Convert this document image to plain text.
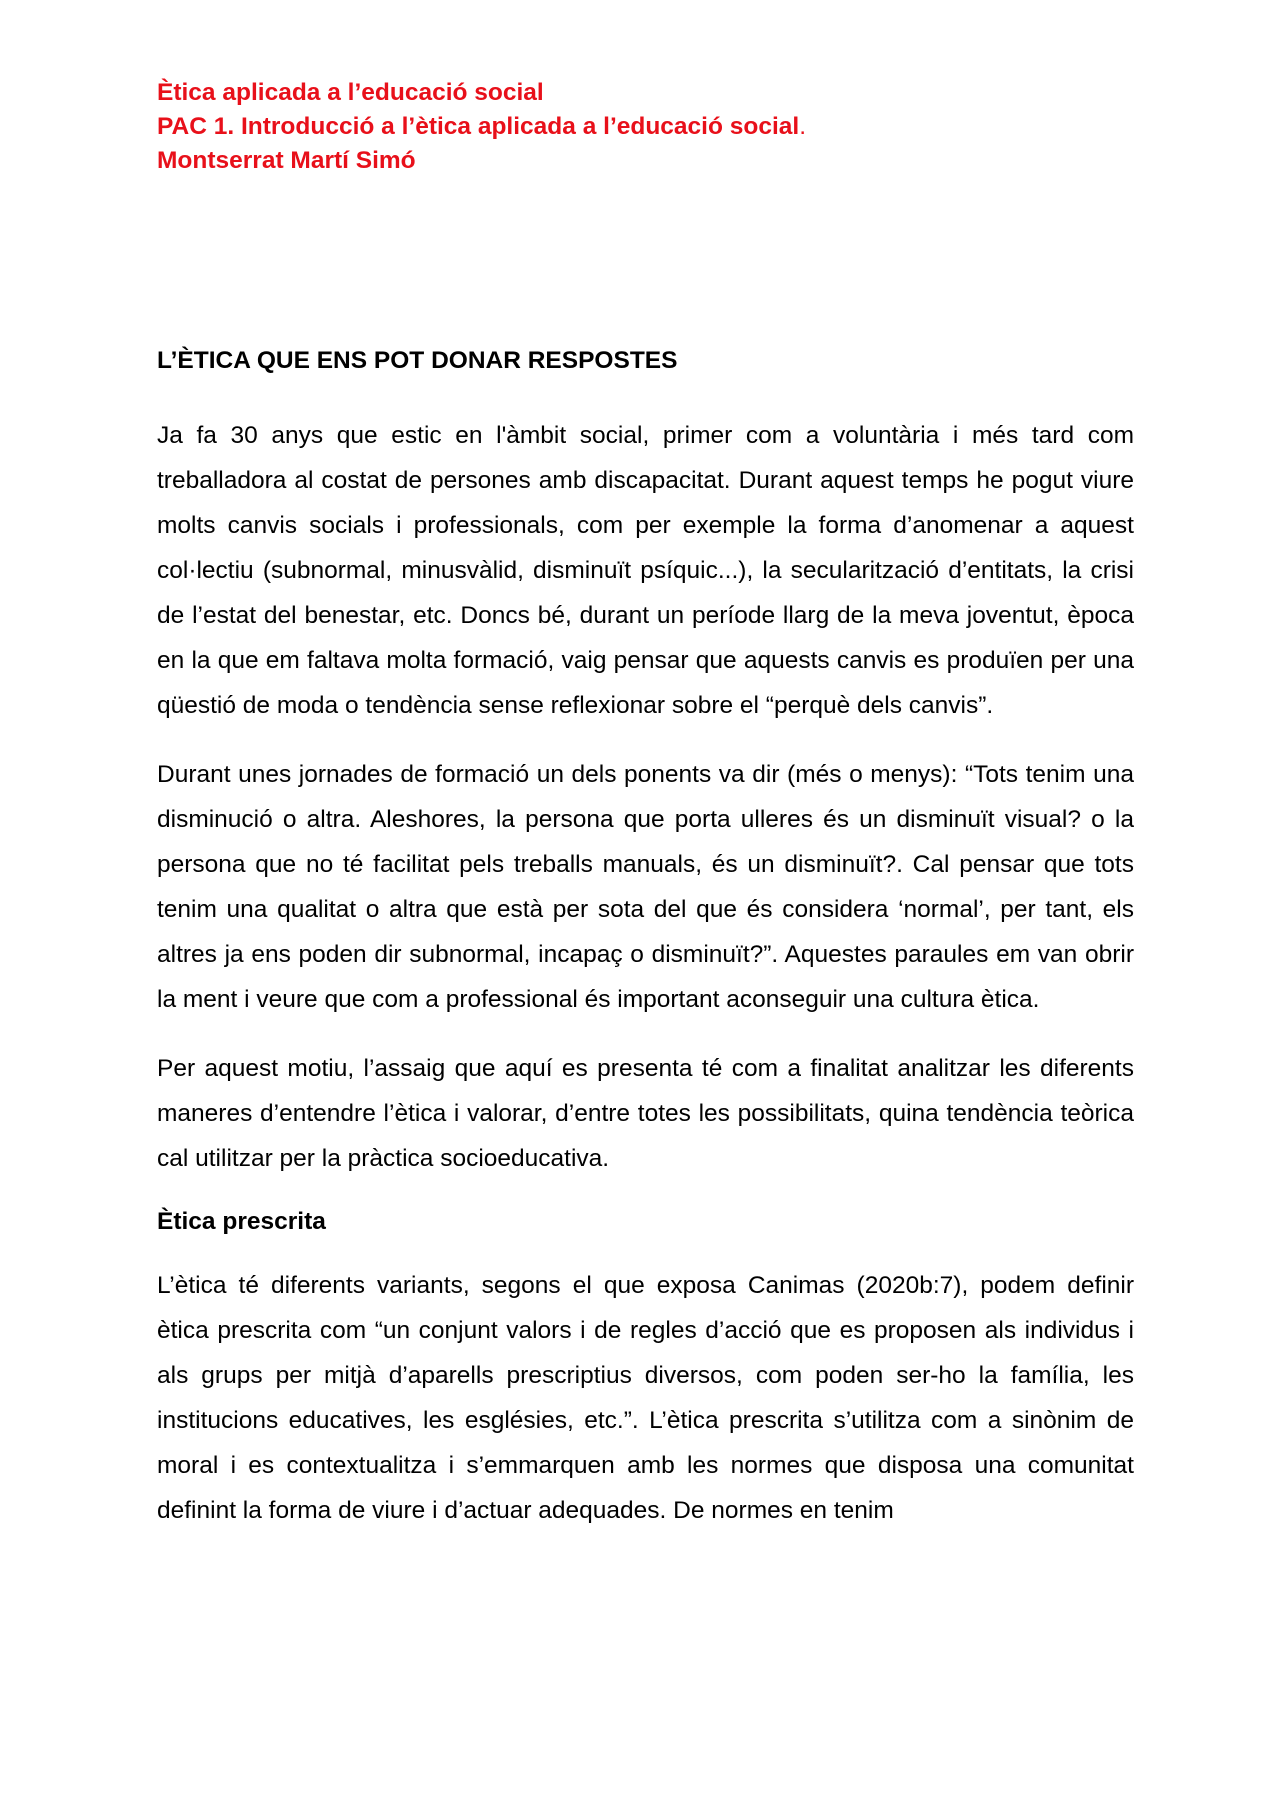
Ètica aplicada a l’educació social
PAC 1. Introducció a l’ètica aplicada a l’educació social.
Montserrat Martí Simó
L’ÈTICA QUE ENS POT DONAR RESPOSTES

Ja fa 30 anys que estic en l'àmbit social, primer com a voluntària i més tard com treballadora al costat de persones amb discapacitat. Durant aquest temps he pogut viure molts canvis socials i professionals, com per exemple la forma d’anomenar a aquest col·lectiu (subnormal, minusvàlid, disminuït psíquic...), la secularització d’entitats, la crisi de l’estat del benestar, etc. Doncs bé, durant un període llarg de la meva joventut, època en la que em faltava molta formació, vaig pensar que aquests canvis es produïen per una qüestió de moda o tendència sense reflexionar sobre el “perquè dels canvis”.

Durant unes jornades de formació un dels ponents va dir (més o menys): “Tots tenim una disminució o altra. Aleshores, la persona que porta ulleres és un disminuït visual? o la persona que no té facilitat pels treballs manuals, és un disminuït?. Cal pensar que tots tenim una qualitat o altra que està per sota del que és considera ‘normal’, per tant, els altres ja ens poden dir subnormal, incapaç o disminuït?”. Aquestes paraules em van obrir la ment i veure que com a professional és important aconseguir una cultura ètica.

Per aquest motiu, l’assaig que aquí es presenta té com a finalitat analitzar les diferents maneres d’entendre l’ètica i valorar, d’entre totes les possibilitats, quina tendència teòrica cal utilitzar per la pràctica socioeducativa.

Ètica prescrita

L’ètica té diferents variants, segons el que exposa Canimas (2020b:7), podem definir ètica prescrita com “un conjunt valors i de regles d’acció que es proposen als individus i als grups per mitjà d’aparells prescriptius diversos, com poden ser-ho la família, les institucions educatives, les esglésies, etc.”. L’ètica prescrita s’utilitza com a sinònim de moral i es contextualitza i s’emmarquen amb les normes que disposa una comunitat definint la forma de viure i d’actuar adequades. De normes en tenim
